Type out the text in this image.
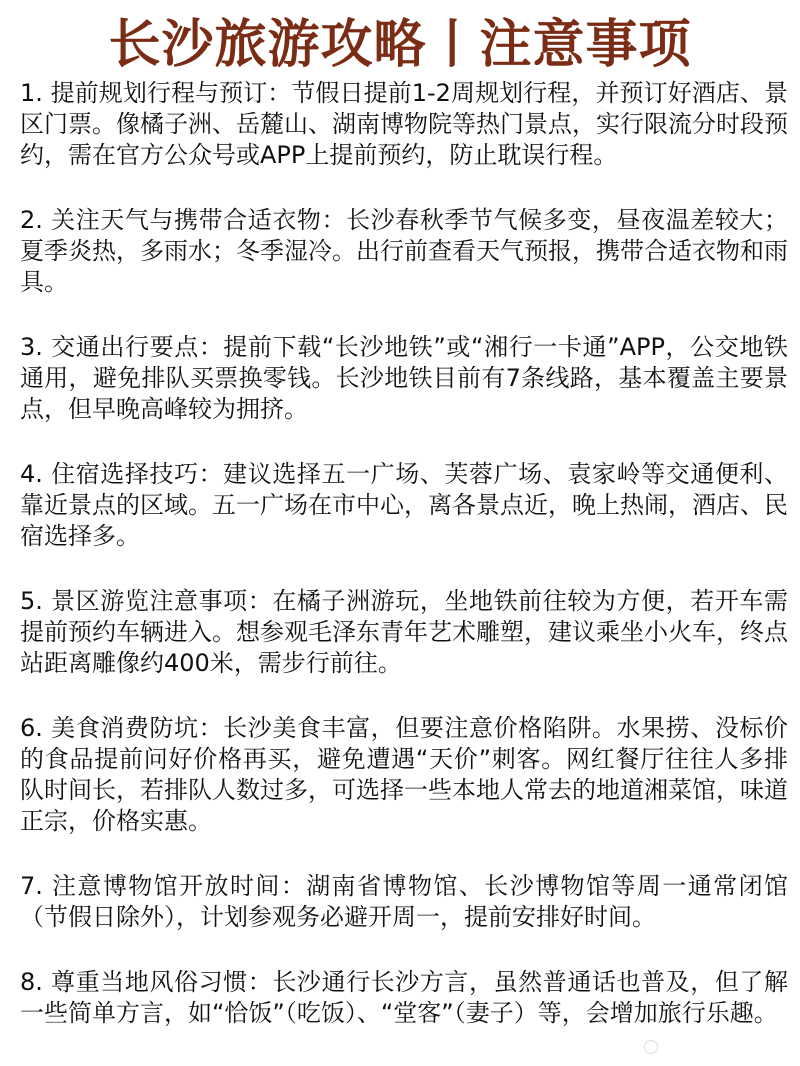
长沙旅游攻略丨注意事项

1. 提前规划行程与预订：节假日提前1-2周规划行程，并预订好酒店、景区门票。像橘子洲、岳麓山、湖南博物院等热门景点，实行限流分时段预约，需在官方公众号或APP上提前预约，防止耽误行程。

2. 关注天气与携带合适衣物：长沙春秋季节气候多变，昼夜温差较大；夏季炎热，多雨水；冬季湿冷。出行前查看天气预报，携带合适衣物和雨具。

3. 交通出行要点：提前下载“长沙地铁”或“湘行一卡通”APP，公交地铁通用，避免排队买票换零钱。长沙地铁目前有7条线路，基本覆盖主要景点，但早晚高峰较为拥挤。

4. 住宿选择技巧：建议选择五一广场、芙蓉广场、袁家岭等交通便利、靠近景点的区域。五一广场在市中心，离各景点近，晚上热闹，酒店、民宿选择多。

5. 景区游览注意事项：在橘子洲游玩，坐地铁前往较为方便，若开车需提前预约车辆进入。想参观毛泽东青年艺术雕塑，建议乘坐小火车，终点站距离雕像约400米，需步行前往。

6. 美食消费防坑：长沙美食丰富，但要注意价格陷阱。水果捞、没标价的食品提前问好价格再买，避免遭遇“天价”刺客。网红餐厅往往人多排队时间长，若排队人数过多，可选择一些本地人常去的地道湘菜馆，味道正宗，价格实惠。

7. 注意博物馆开放时间：湖南省博物馆、长沙博物馆等周一通常闭馆（节假日除外），计划参观务必避开周一，提前安排好时间。

8. 尊重当地风俗习惯：长沙通行长沙方言，虽然普通话也普及，但了解一些简单方言，如“恰饭”（吃饭）、“堂客”（妻子）等，会增加旅行乐趣。
